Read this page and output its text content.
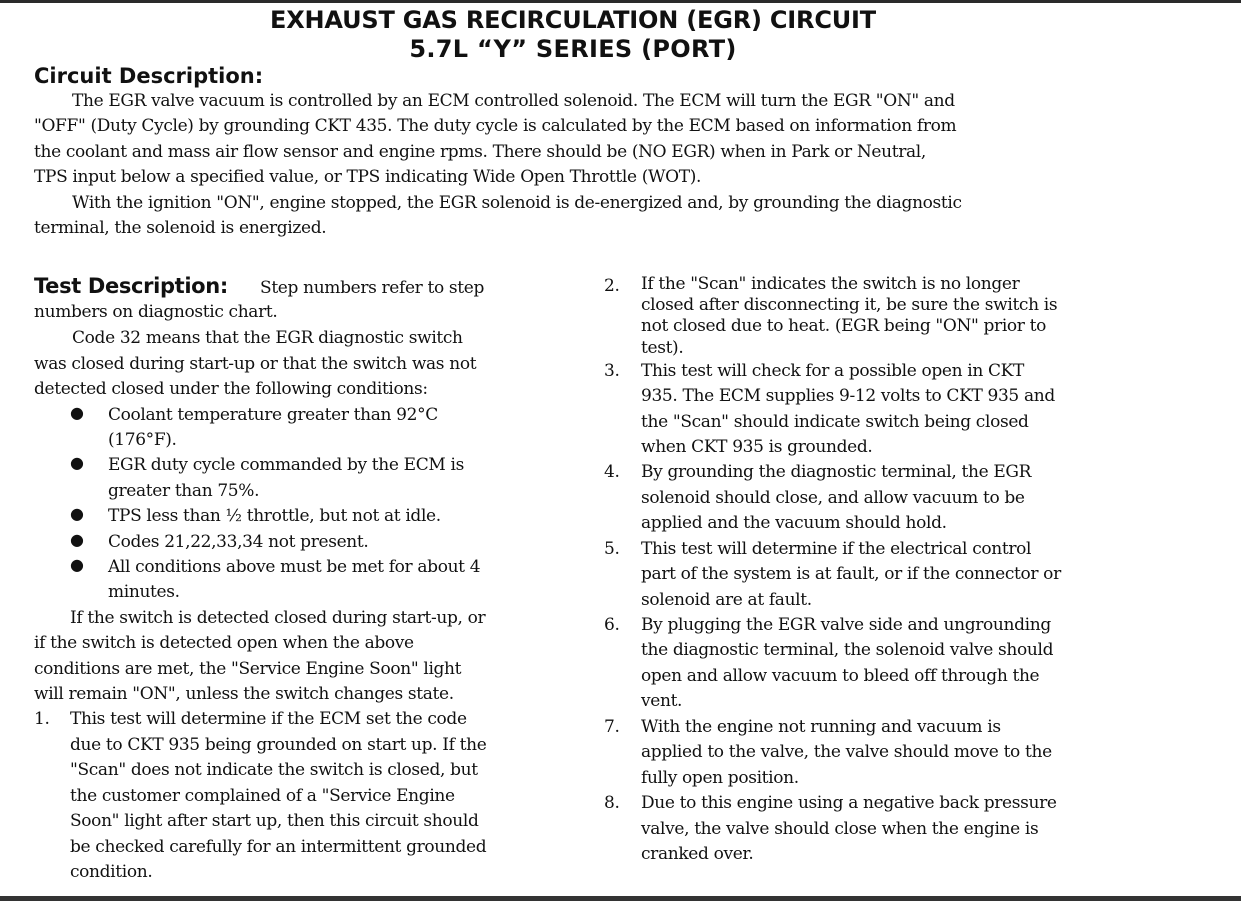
EXHAUST GAS RECIRCULATION (EGR) CIRCUIT
5.7L “Y” SERIES (PORT)
Circuit Description:
The EGR valve vacuum is controlled by an ECM controlled solenoid. The ECM will turn the EGR "ON" and
"OFF" (Duty Cycle) by grounding CKT 435. The duty cycle is calculated by the ECM based on information from
the coolant and mass air flow sensor and engine rpms. There should be (NO EGR) when in Park or Neutral,
TPS input below a specified value, or TPS indicating Wide Open Throttle (WOT).
With the ignition "ON", engine stopped, the EGR solenoid is de-energized and, by grounding the diagnostic
terminal, the solenoid is energized.
Test Description: Step numbers refer to step
numbers on diagnostic chart.
Code 32 means that the EGR diagnostic switch
was closed during start-up or that the switch was not
detected closed under the following conditions:
● Coolant temperature greater than 92°C
(176°F).
● EGR duty cycle commanded by the ECM is
greater than 75%.
● TPS less than ½ throttle, but not at idle.
● Codes 21,22,33,34 not present.
● All conditions above must be met for about 4
minutes.
If the switch is detected closed during start-up, or
if the switch is detected open when the above
conditions are met, the "Service Engine Soon" light
will remain "ON", unless the switch changes state.
1. This test will determine if the ECM set the code
due to CKT 935 being grounded on start up. If the
"Scan" does not indicate the switch is closed, but
the customer complained of a "Service Engine
Soon" light after start up, then this circuit should
be checked carefully for an intermittent grounded
condition.
2. If the "Scan" indicates the switch is no longer
closed after disconnecting it, be sure the switch is
not closed due to heat. (EGR being "ON" prior to
test).
3. This test will check for a possible open in CKT
935. The ECM supplies 9-12 volts to CKT 935 and
the "Scan" should indicate switch being closed
when CKT 935 is grounded.
4. By grounding the diagnostic terminal, the EGR
solenoid should close, and allow vacuum to be
applied and the vacuum should hold.
5. This test will determine if the electrical control
part of the system is at fault, or if the connector or
solenoid are at fault.
6. By plugging the EGR valve side and ungrounding
the diagnostic terminal, the solenoid valve should
open and allow vacuum to bleed off through the
vent.
7. With the engine not running and vacuum is
applied to the valve, the valve should move to the
fully open position.
8. Due to this engine using a negative back pressure
valve, the valve should close when the engine is
cranked over.
